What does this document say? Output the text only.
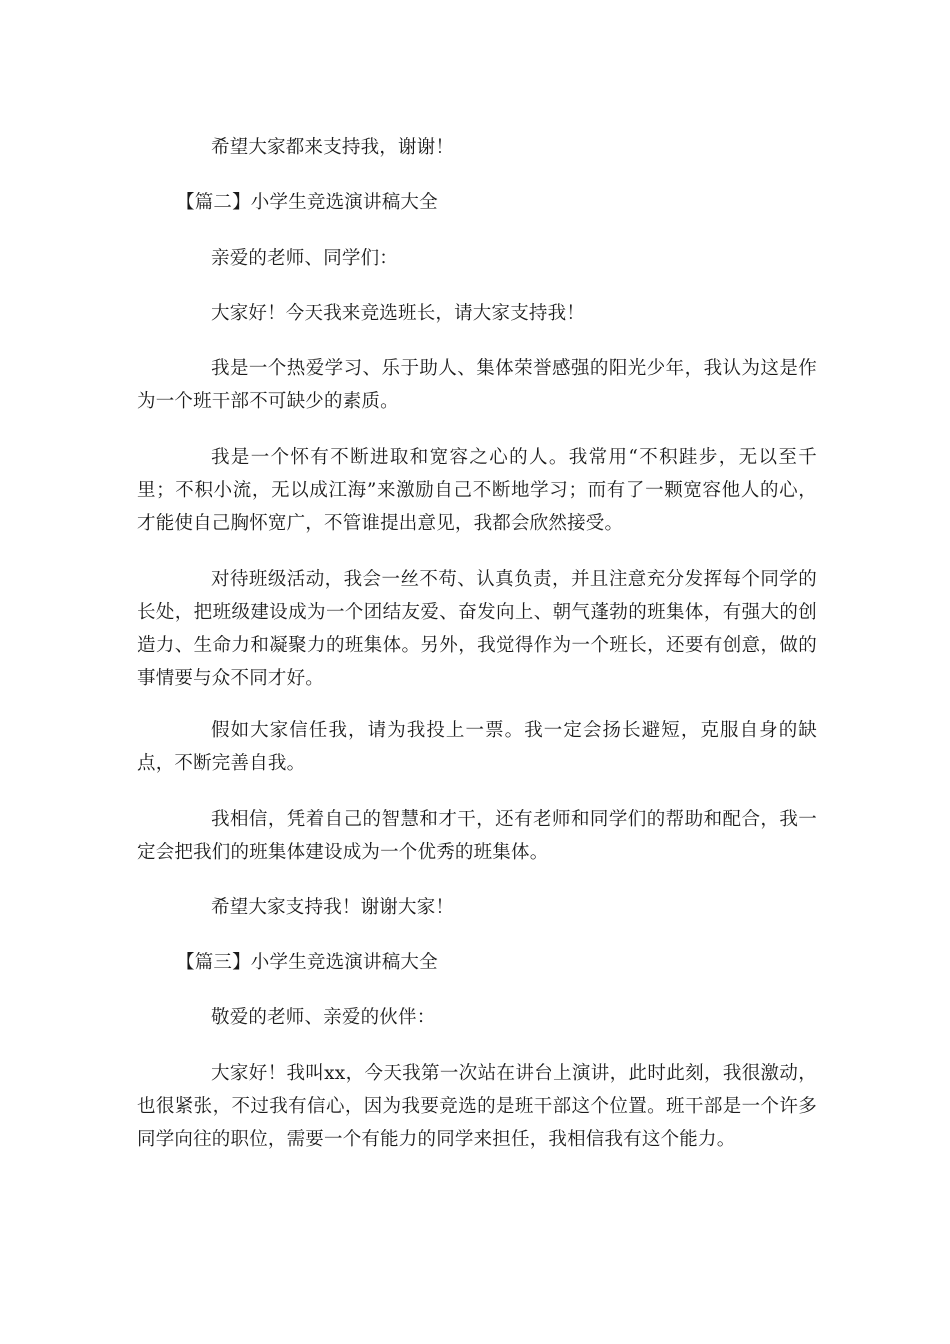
希望大家都来支持我，谢谢！

【篇二】小学生竞选演讲稿大全

亲爱的老师、同学们：

大家好！今天我来竞选班长，请大家支持我！

我是一个热爱学习、乐于助人、集体荣誉感强的阳光少年，我认为这是作为一个班干部不可缺少的素质。

我是一个怀有不断进取和宽容之心的人。我常用“不积跬步，无以至千里；不积小流，无以成江海”来激励自己不断地学习；而有了一颗宽容他人的心，才能使自己胸怀宽广，不管谁提出意见，我都会欣然接受。

对待班级活动，我会一丝不苟、认真负责，并且注意充分发挥每个同学的长处，把班级建设成为一个团结友爱、奋发向上、朝气蓬勃的班集体，有强大的创造力、生命力和凝聚力的班集体。另外，我觉得作为一个班长，还要有创意，做的事情要与众不同才好。

假如大家信任我，请为我投上一票。我一定会扬长避短，克服自身的缺点，不断完善自我。

我相信，凭着自己的智慧和才干，还有老师和同学们的帮助和配合，我一定会把我们的班集体建设成为一个优秀的班集体。

希望大家支持我！谢谢大家！

【篇三】小学生竞选演讲稿大全

敬爱的老师、亲爱的伙伴：

大家好！我叫xx，今天我第一次站在讲台上演讲，此时此刻，我很激动，也很紧张，不过我有信心，因为我要竞选的是班干部这个位置。班干部是一个许多同学向往的职位，需要一个有能力的同学来担任，我相信我有这个能力。
